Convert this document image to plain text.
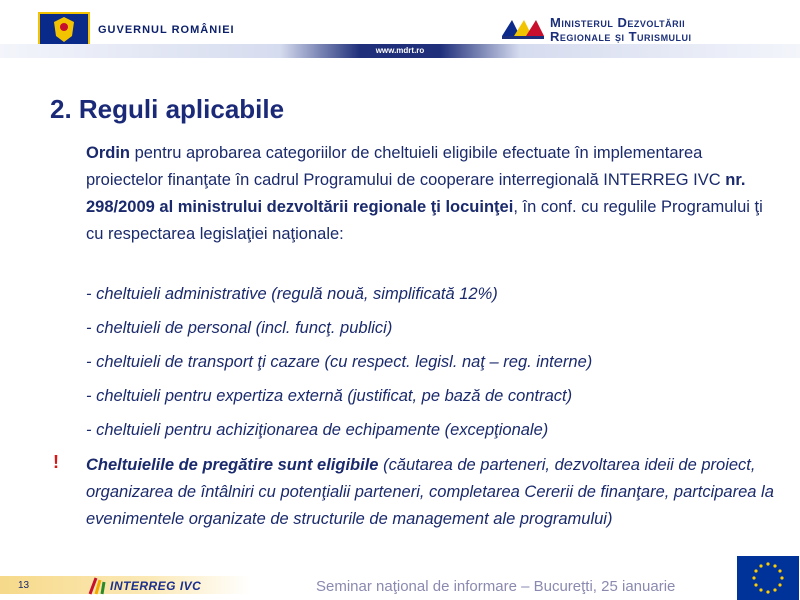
GUVERNUL ROMÂNIEI	Ministerul Dezvoltării
Regionale și Turismului
www.mdrt.ro
2. Reguli aplicabile
Ordin pentru aprobarea categoriilor de cheltuieli eligibile efectuate în implementarea proiectelor finanţate în cadrul Programului de cooperare interregională INTERREG IVC nr. 298/2009 al ministrului dezvoltării regionale ţi locuinţei, în conf. cu regulile Programului ţi cu respectarea legislaţiei naţionale:
- cheltuieli administrative (regulă nouă, simplificată 12%)
- cheltuieli de personal (incl. funcţ. publici)
- cheltuieli de transport ţi cazare (cu respect. legisl. naţ – reg. interne)
- cheltuieli pentru expertiza externă (justificat, pe bază de contract)
- cheltuieli pentru achiziţionarea de echipamente (excepţionale)
! Cheltuielile de pregătire sunt eligibile (căutarea de parteneri, dezvoltarea ideii de proiect, organizarea de întâlniri cu potenţialii parteneri, completarea Cererii de finanţare, partciparea la evenimentele organizate de structurile de management ale programului)
13	INTERREG IVC	Seminar naţional de informare – Bucureţti, 25 ianuarie
